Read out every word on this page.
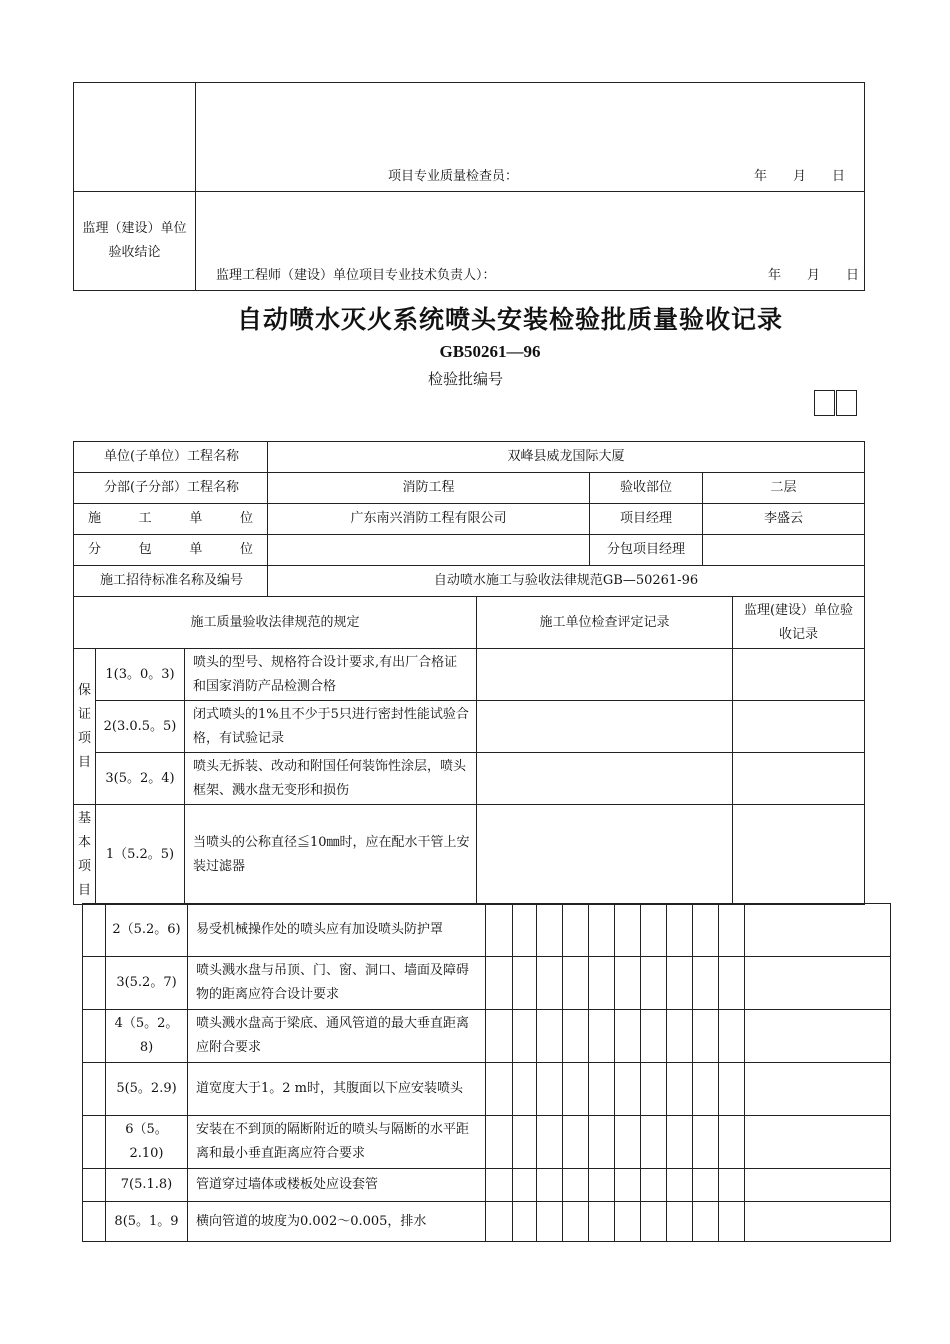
	项目专业质量检查员： 年　　月　　日

监理（建设）单位验收结论	监理工程师（建设）单位项目专业技术负责人）： 年　　月　　日
自动喷水灭火系统喷头安装检验批质量验收记录
GB50261—96
检验批编号
单位(子单位）工程名称	双峰县威龙国际大厦		
分部(子分部）工程名称	消防工程	验收部位	二层
施　　工　　单　　位	广东南兴消防工程有限公司	项目经理	李盛云
分　　包　　单　　位		分包项目经理	
施工招待标准名称及编号	自动喷水施工与验收法律规范GB—50261-96		
施工质量验收法律规范的规定			施工单位检查评定记录	监理(建设）单位验收记录

保证项目	1(3。0。3)	喷头的型号、规格符合设计要求,有出厂合格证和国家消防产品检测合格		
	2(3.0.5。5)	闭式喷头的1%且不少于5只进行密封性能试验合格，有试验记录		
	3(5。2。4)	喷头无拆装、改动和附国任何装饰性涂层，喷头框架、溅水盘无变形和损伤		

基本项目	1（5.2。5)	当喷头的公称直径≦10㎜时，应在配水干管上安装过滤器		
	2（5.2。6)	易受机械操作处的喷头应有加设喷头防护罩											
	3(5.2。7)	喷头溅水盘与吊顶、门、窗、洞口、墙面及障碍物的距离应符合设计要求											
	4（5。2。8)	喷头溅水盘高于梁底、通风管道的最大垂直距离应附合要求											
	5(5。2.9)	道宽度大于1。2 m时，其腹面以下应安装喷头											
	6（5。2.10)	安装在不到顶的隔断附近的喷头与隔断的水平距离和最小垂直距离应符合要求											
	7(5.1.8)	管道穿过墙体或楼板处应设套管											
	8(5。1。9	横向管道的坡度为0.002～0.005，排水											
